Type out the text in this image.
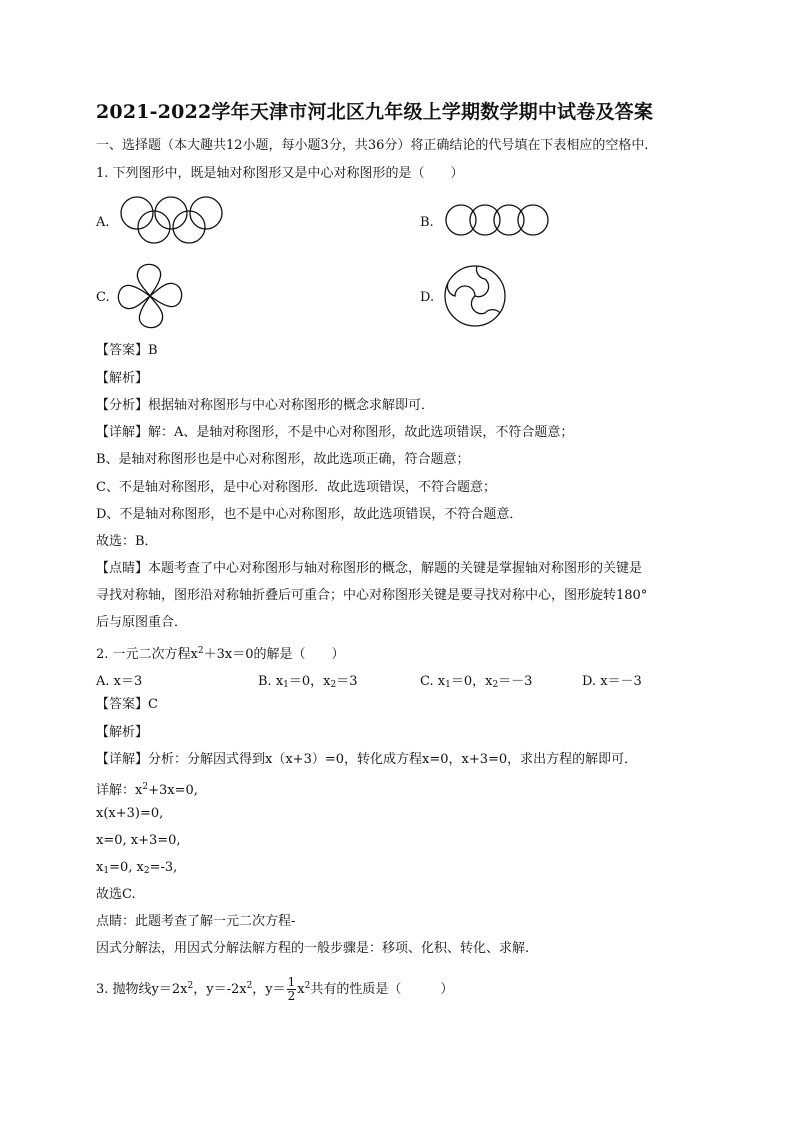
2021-2022学年天津市河北区九年级上学期数学期中试卷及答案
一、选择题（本大趣共12小题，每小题3分，共36分）将正确结论的代号填在下表相应的空格中．
1. 下列图形中，既是轴对称图形又是中心对称图形的是（　　）
A.	B.
C.	D.
【答案】B
【解析】
【分析】根据轴对称图形与中心对称图形的概念求解即可．
【详解】解：A、是轴对称图形，不是中心对称图形，故此选项错误，不符合题意；
B、是轴对称图形也是中心对称图形，故此选项正确，符合题意；
C、不是轴对称图形，是中心对称图形．故此选项错误，不符合题意；
D、不是轴对称图形，也不是中心对称图形，故此选项错误，不符合题意．
故选：B．
【点睛】本题考查了中心对称图形与轴对称图形的概念，解题的关键是掌握轴对称图形的关键是
寻找对称轴，图形沿对称轴折叠后可重合；中心对称图形关键是要寻找对称中心，图形旋转180°
后与原图重合．
2. 一元二次方程$x^2+3x=0$的解是（　　）
A. x＝3	B. $x_1=0$，$x_2=3$	C. $x_1=0$，$x_2=-3$	D. x＝－3
【答案】C
【解析】
【详解】分析：分解因式得到x（x+3）=0，转化成方程x=0，x+3=0，求出方程的解即可．
详解：$x^2+3x=0$,
x(x+3)=0,
x=0, x+3=0,
$x_1=0$, $x_2=-3$,
故选C.
点睛：此题考查了解一元二次方程-
因式分解法，用因式分解法解方程的一般步骤是：移项、化积、转化、求解.
3. 抛物线$y=2x^2$，$y=-2x^2$，$y= \frac{1}{2} x^2$共有的性质是（　　　）
